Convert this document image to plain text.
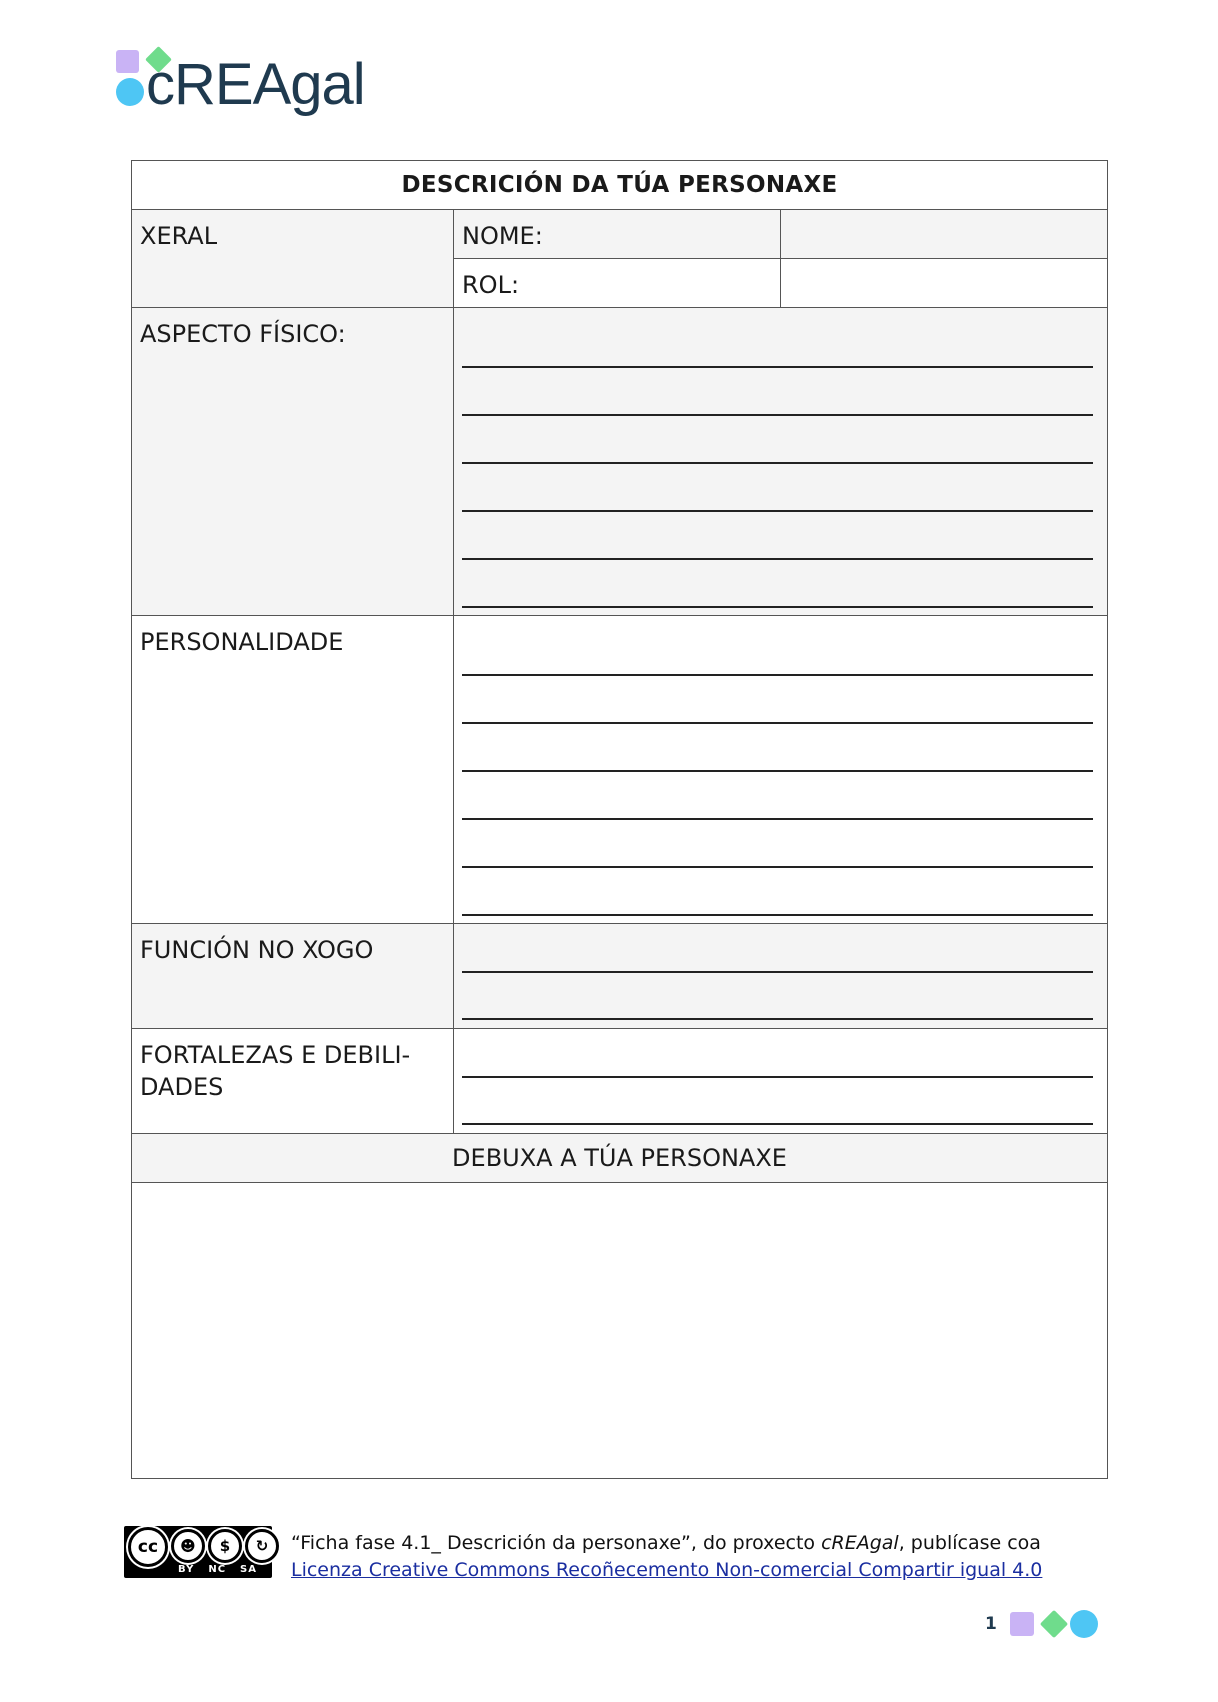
cREAgal
DESCRICIÓN DA TÚA PERSONAXE		
XERAL	NOME:	
	ROL:	
ASPECTO FÍSICO:		

PERSONALIDADE		

FUNCIÓN NO XOGO		

FORTALEZAS E DEBILI-
DADES		

DEBUXA A TÚA PERSONAXE		

cc	☻	$	↻
BY NC SA
“Ficha fase 4.1_ Descrición da personaxe”, do proxecto cREAgal, publícase coa Licenza Creative Commons Recoñecemento Non-comercial Compartir igual 4.0
1
